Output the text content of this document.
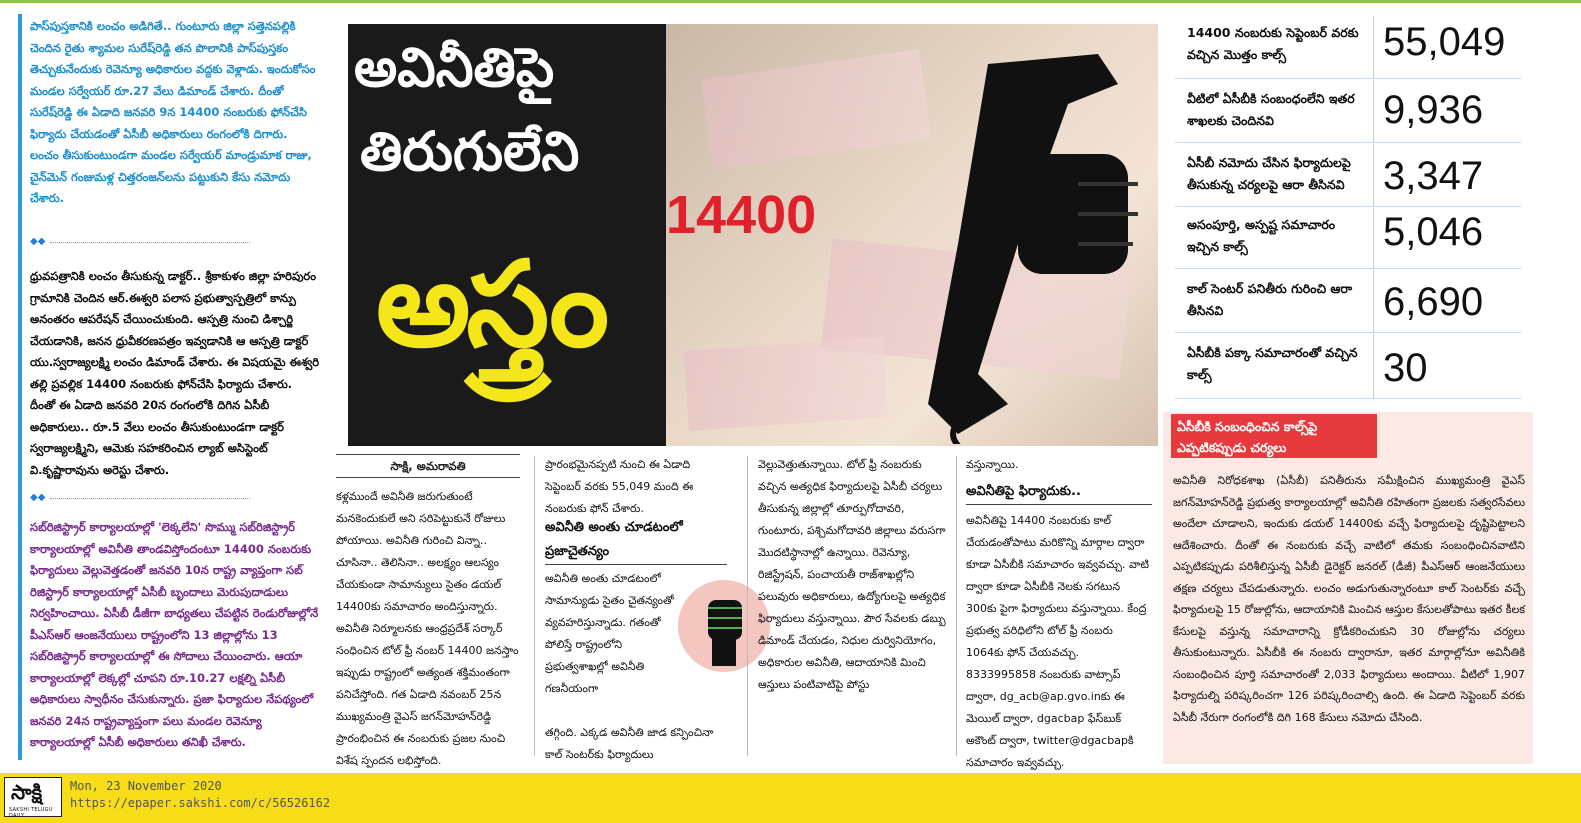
పాస్‌పుస్తకానికి లంచం అడిగితే.. గుంటూరు జిల్లా సత్తెనపల్లికి చెందిన రైతు శ్యామల సురేష్‌రెడ్డి తన పొలానికి పాస్‌పుస్తకం తెచ్చుకునేందుకు రెవెన్యూ అధికారుల వద్దకు వెళ్లాడు. ఇందుకోసం మండల సర్వేయర్‌ రూ.27 వేలు డిమాండ్‌ చేశారు. దీంతో సురేష్‌రెడ్డి ఈ ఏడాది జనవరి 9న 14400 నంబరుకు ఫోన్‌చేసి ఫిర్యాదు చేయడంతో ఏసీబీ అధికారులు రంగంలోకి దిగారు. లంచం తీసుకుంటుండగా మండల సర్వేయర్‌ మాండ్రుమాక రాజు, చైన్‌మెన్‌ గంజుమళ్ల చిత్తరంజన్‌లను పట్టుకుని కేసు నమోదు చేశారు.
◆◆
ధ్రువపత్రానికి లంచం తీసుకున్న డాక్టర్‌.. శ్రీకాకుళం జిల్లా హరిపురం గ్రామానికి చెందిన ఆర్‌.ఈశ్వరి పలాస ప్రభుత్వాస్పత్రిలో కాన్పు అనంతరం ఆపరేషన్‌ చేయించుకుంది. ఆస్పత్రి నుంచి డిశ్చార్జి చేయడానికి, జనన ధ్రువీకరణపత్రం ఇవ్వడానికి ఆ ఆస్పత్రి డాక్టర్‌ యు.స్వరాజ్యలక్ష్మి లంచం డిమాండ్‌ చేశారు. ఈ విషయమై ఈశ్వరి తల్లి ప్రవల్లిక 14400 నంబరుకు ఫోన్‌చేసి ఫిర్యాదు చేశారు. దీంతో ఈ ఏడాది జనవరి 20న రంగంలోకి దిగిన ఏసీబీ అధికారులు.. రూ.5 వేలు లంచం తీసుకుంటుండగా డాక్టర్‌ స్వరాజ్యలక్ష్మిని, ఆమెకు సహకరించిన ల్యాబ్‌ అసిస్టెంట్‌ వి.కృష్ణారావును అరెస్టు చేశారు.
◆◆
సబ్‌రిజిస్ట్రార్‌ కార్యాలయాల్లో 'లెక్కలేని' సొమ్ము సబ్‌రిజిస్ట్రార్‌ కార్యాలయాల్లో అవినీతి తాండవిస్తోందంటూ 14400 నంబరుకు ఫిర్యాదులు వెల్లువెత్తడంతో జనవరి 10న రాష్ట్ర వ్యాప్తంగా సబ్‌ రిజిస్ట్రార్‌ కార్యాలయాల్లో ఏసీబీ బృందాలు మెరుపుదాడులు నిర్వహించాయి. ఏసీబీ డీజీగా బాధ్యతలు చేపట్టిన రెండురోజుల్లోనే పీఎస్‌ఆర్‌ ఆంజనేయులు రాష్ట్రంలోని 13 జిల్లాల్లోను 13 సబ్‌రిజిస్ట్రార్‌ కార్యాలయాల్లో ఈ సోదాలు చేయించారు. ఆయా కార్యాలయాల్లో లెక్కల్లో చూపని రూ.10.27 లక్షల్ని ఏసీబీ అధికారులు స్వాధీనం చేసుకున్నారు. ప్రజా ఫిర్యాదుల నేపథ్యంలో జనవరి 24న రాష్ట్రవ్యాప్తంగా పలు మండల రెవెన్యూ కార్యాలయాల్లో ఏసీబీ అధికారులు తనిఖీ చేశారు.
అవినీతిపై
తిరుగులేని
అస్త్రం
14400
14400 నంబరుకు సెప్టెంబర్‌ వరకు వచ్చిన మొత్తం కాల్స్‌	55,049
వీటిలో ఏసీబీకి సంబంధంలేని ఇతర శాఖలకు చెందినవి	9,936
ఏసీబీ నమోదు చేసిన ఫిర్యాదులపై తీసుకున్న చర్యలపై ఆరా తీసినవి 3,347
అసంపూర్తి, అస్పష్ట సమాచారం ఇచ్చిన కాల్స్‌	5,046
కాల్‌ సెంటర్‌ పనితీరు గురించి ఆరా తీసినవి	6,690
ఏసీబీకి పక్కా సమాచారంతో వచ్చిన కాల్స్‌	30
ఏసీబీకి సంబంధించిన కాల్స్‌పై ఎప్పటికప్పుడు చర్యలు
అవినీతి నిరోధకశాఖ (ఏసీబీ) పనితీరును సమీక్షించిన ముఖ్యమంత్రి వైఎస్‌ జగన్‌మోహన్‌రెడ్డి ప్రభుత్వ కార్యాలయాల్లో అవినీతి రహితంగా ప్రజలకు సత్వరసేవలు అందేలా చూడాలని, ఇందుకు డయల్‌ 14400కు వచ్చే ఫిర్యాదులపై దృష్టిపెట్టాలని ఆదేశించారు. దీంతో ఈ నంబరుకు వచ్చే వాటిలో తమకు సంబంధించినవాటిని ఎప్పటికప్పుడు పరిశీలిస్తున్న ఏసీబీ డైరెక్టర్‌ జనరల్‌ (డీజీ) పీఎస్‌ఆర్‌ ఆంజనేయులు తక్షణ చర్యలు చేపడుతున్నారు. లంచం అడుగుతున్నారంటూ కాల్‌ సెంటర్‌కు వచ్చే ఫిర్యాదులపై 15 రోజుల్లోను, ఆదాయానికి మించిన ఆస్తుల కేసులతోపాటు ఇతర కీలక కేసులపై వస్తున్న సమాచారాన్ని క్రోడీకరించుకుని 30 రోజుల్లోను చర్యలు తీసుకుంటున్నారు. ఏసీబీకి ఈ నంబరు ద్వారానూ, ఇతర మార్గాల్లోనూ అవినీతికి సంబంధించిన పూర్తి సమాచారంతో 2,033 ఫిర్యాదులు అందాయి. వీటిలో 1,907 ఫిర్యాదుల్ని పరిష్కరించగా 126 పరిష్కరించాల్సి ఉంది. ఈ ఏడాది సెప్టెంబర్‌ వరకు ఏసీబీ నేరుగా రంగంలోకి దిగి 168 కేసులు నమోదు చేసింది.
సాక్షి, అమరావతి
కళ్లముందే అవినీతి జరుగుతుంటే మనకెందుకులే అని సరిపెట్టుకునే రోజులు పోయాయి. అవినీతి గురించి విన్నా.. చూసినా.. తెలిసినా.. అలక్ష్యం ఆలస్యం చేయకుండా సామాన్యులు సైతం డయల్‌ 14400కు సమాచారం అందిస్తున్నారు. అవినీతి నిర్మూలనకు ఆంధ్రప్రదేశ్‌ సర్కార్‌ సంధించిన టోల్‌ ఫ్రీ నంబర్‌ 14400 జనస్తాం ఇప్పుడు రాష్ట్రంలో అత్యంత శక్తిమంతంగా పనిచేస్తోంది. గత ఏడాది నవంబర్‌ 25న ముఖ్యమంత్రి వైఎస్‌ జగన్‌మోహన్‌రెడ్డి ప్రారంభించిన ఈ నంబరుకు ప్రజల నుంచి విశేష స్పందన లభిస్తోంది.
ప్రారంభమైనప్పటి నుంచి ఈ ఏడాది సెప్టెంబర్‌ వరకు 55,049 మంది ఈ నంబరుకు ఫోన్‌ చేశారు.
అవినీతి అంతు చూడటంలో ప్రజాచైతన్యం
అవినీతి అంతు చూడటంలో సామాన్యుడు సైతం చైతన్యంతో వ్యవహరిస్తున్నాడు. గతంతో పోలిస్తే రాష్ట్రంలోని ప్రభుత్వశాఖల్లో అవినీతి గణనీయంగా
తగ్గింది. ఎక్కడ అవినీతి జాడ కన్పించినా కాల్‌ సెంటర్‌కు ఫిర్యాదులు
వెల్లువెత్తుతున్నాయి. టోల్‌ ఫ్రీ నంబరుకు వచ్చిన అత్యధిక ఫిర్యాదులపై ఏసీబీ చర్యలు తీసుకున్న జిల్లాల్లో తూర్పుగోదావరి, గుంటూరు, పశ్చిమగోదావరి జిల్లాలు వరుసగా మొదటిస్థానాల్లో ఉన్నాయి. రెవెన్యూ, రిజిస్ట్రేషన్‌, పంచాయతీ రాజ్‌శాఖల్లోని పలువురు అధికారులు, ఉద్యోగులపై అత్యధిక ఫిర్యాదులు వస్తున్నాయి. పౌర సేవలకు డబ్బు డిమాండ్‌ చేయడం, నిధుల దుర్వినియోగం, అధికారుల అవినీతి, ఆదాయానికి మించి ఆస్తులు పంటివాటిపై పోస్టు
వస్తున్నాయి.
అవినీతిపై ఫిర్యాదుకు..
అవినీతిపై 14400 నంబరుకు కాల్‌ చేయడంతోపాటు మరికొన్ని మార్గాల ద్వారా కూడా ఏసీబీకి సమాచారం ఇవ్వవచ్చు. వాటి ద్వారా కూడా ఏసీబీకి నెలకు సగటున 300కు పైగా ఫిర్యాదులు వస్తున్నాయి. కేంద్ర ప్రభుత్వ పరిధిలోని టోల్‌ ఫ్రీ నంబరు 1064కు ఫోన్‌ చేయవచ్చు. 8333995858 నంబరుకు వాట్సాప్‌ ద్వారా, dg_acb@ap.gvo.inకు ఈ మెయిల్‌ ద్వారా, dgacbap ఫేస్‌బుక్‌ అకౌంట్‌ ద్వారా, twitter@dgacbapకి సమాచారం ఇవ్వవచ్చు.
సాక్షి
SAKSHI TELUGU DAILY
Mon, 23 November 2020
https://epaper.sakshi.com/c/56526162
